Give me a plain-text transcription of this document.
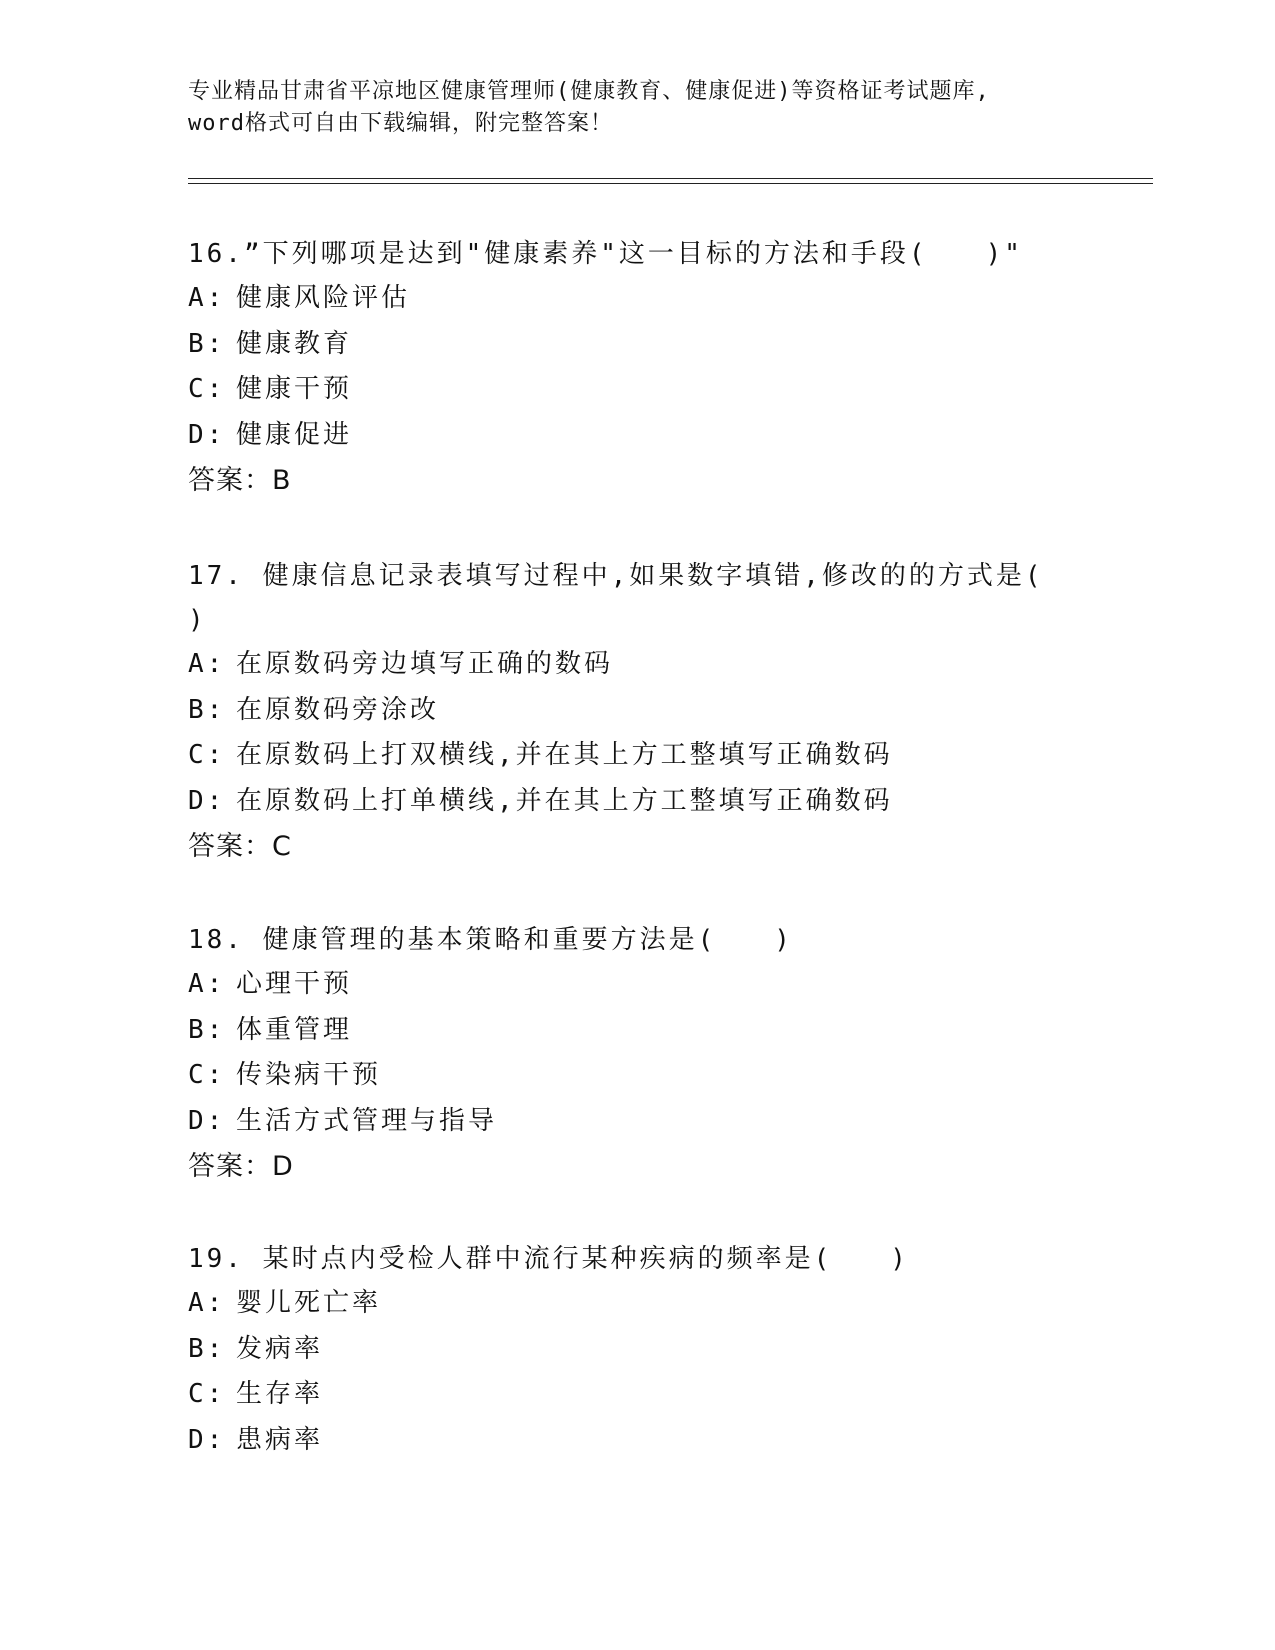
专业精品甘肃省平凉地区健康管理师(健康教育、健康促进)等资格证考试题库,
word格式可自由下载编辑，附完整答案！
16.”下列哪项是达到"健康素养"这一目标的方法和手段(　　)"
A: 健康风险评估
B: 健康教育
C: 健康干预
D: 健康促进
答案：B
17. 健康信息记录表填写过程中,如果数字填错,修改的的方式是(　　)
A: 在原数码旁边填写正确的数码
B: 在原数码旁涂改
C: 在原数码上打双横线,并在其上方工整填写正确数码
D: 在原数码上打单横线,并在其上方工整填写正确数码
答案：C
18. 健康管理的基本策略和重要方法是(　　)
A: 心理干预
B: 体重管理
C: 传染病干预
D: 生活方式管理与指导
答案：D
19. 某时点内受检人群中流行某种疾病的频率是(　　)
A: 婴儿死亡率
B: 发病率
C: 生存率
D: 患病率
